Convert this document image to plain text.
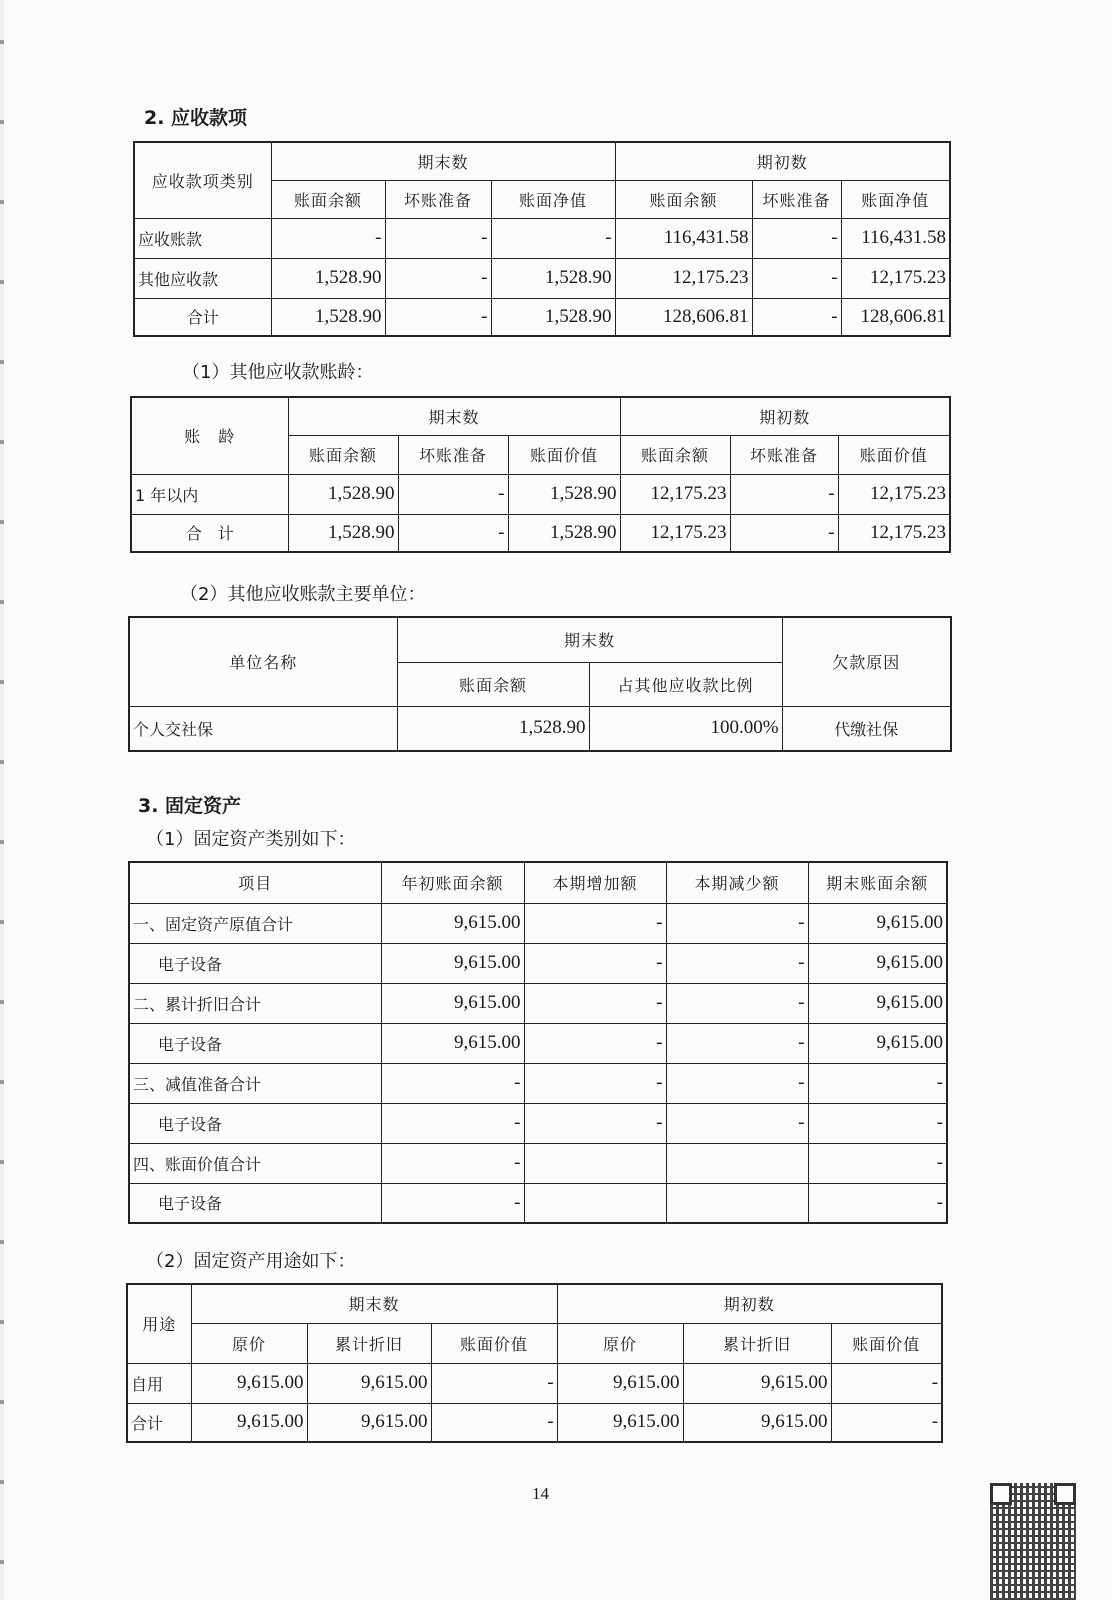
2. 应收款项
应收款项类别	期末数			期初数		
	账面余额	坏账准备	账面净值	账面余额	坏账准备	账面净值
应收账款	-	-	-	116,431.58	-	116,431.58
其他应收款	1,528.90	-	1,528.90	12,175.23	-	12,175.23
合计	1,528.90	-	1,528.90	128,606.81	-	128,606.81
（1）其他应收款账龄：
账　龄	期末数			期初数		
	账面余额	坏账准备	账面价值	账面余额	坏账准备	账面价值
1 年以内	1,528.90	-	1,528.90	12,175.23	-	12,175.23
合　计	1,528.90	-	1,528.90	12,175.23	-	12,175.23
（2）其他应收账款主要单位：
单位名称	期末数		欠款原因
	账面余额	占其他应收款比例	
个人交社保	1,528.90	100.00%	代缴社保
3. 固定资产
（1）固定资产类别如下：
项目	年初账面余额	本期增加额	本期减少额	期末账面余额
一、固定资产原值合计	9,615.00	-	-	9,615.00
电子设备	9,615.00	-	-	9,615.00
二、累计折旧合计	9,615.00	-	-	9,615.00
电子设备	9,615.00	-	-	9,615.00
三、减值准备合计	-	-	-	-
电子设备	-	-	-	-
四、账面价值合计	-			-
电子设备	-			-
（2）固定资产用途如下：
用途	期末数			期初数		
	原价	累计折旧	账面价值	原价	累计折旧	账面价值
自用	9,615.00	9,615.00	-	9,615.00	9,615.00	-
合计	9,615.00	9,615.00	-	9,615.00	9,615.00	-
14
